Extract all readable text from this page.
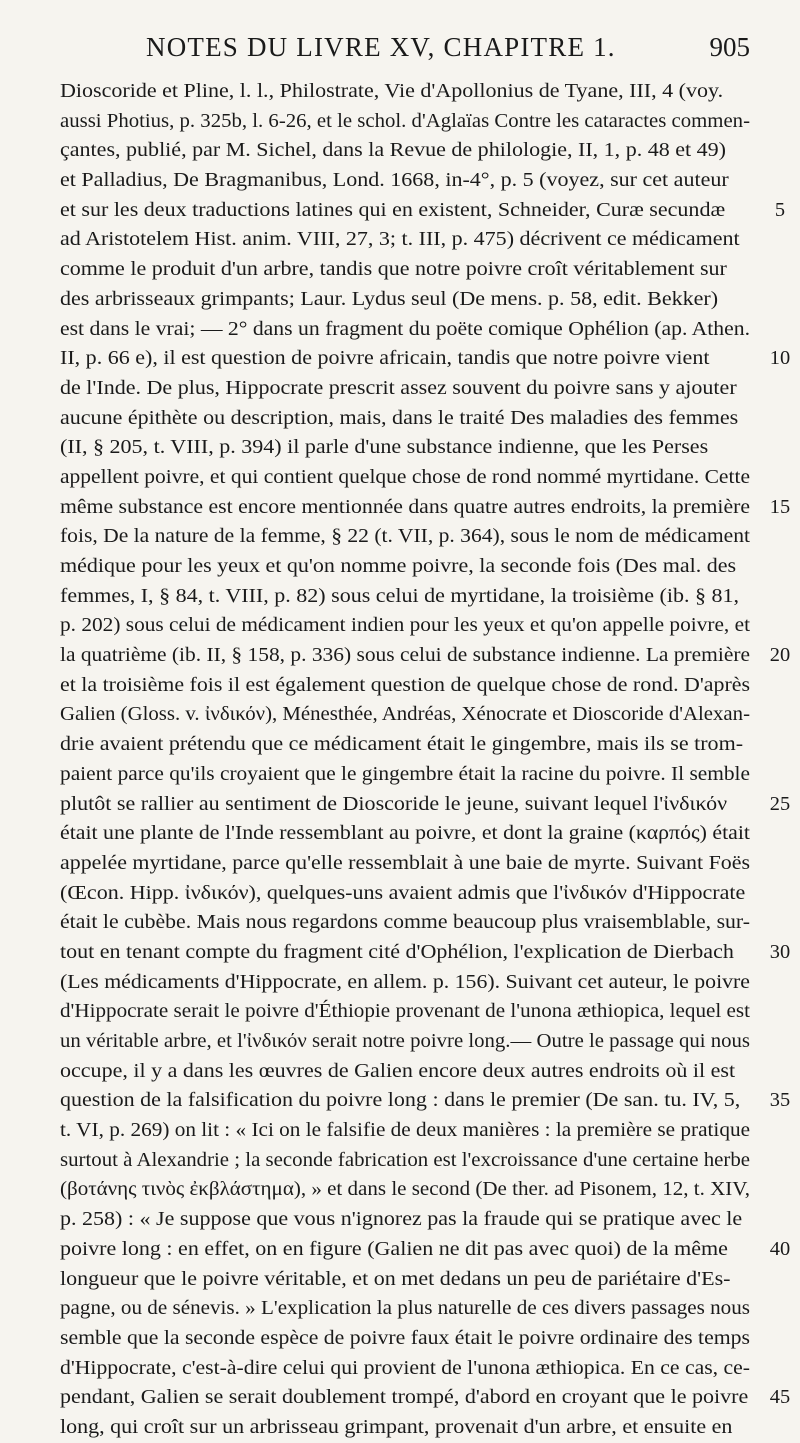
NOTES DU LIVRE XV, CHAPITRE 1.	905
Dioscoride et Pline, l. l., Philostrate, Vie d'Apollonius de Tyane, III, 4 (voy.
aussi Photius, p. 325b, l. 6-26, et le schol. d'Aglaïas Contre les cataractes commen-
çantes, publié, par M. Sichel, dans la Revue de philologie, II, 1, p. 48 et 49)
et Palladius, De Bragmanibus, Lond. 1668, in-4°, p. 5 (voyez, sur cet auteur
et sur les deux traductions latines qui en existent, Schneider, Curæ secundæ	5
ad Aristotelem Hist. anim. VIII, 27, 3; t. III, p. 475) décrivent ce médicament
comme le produit d'un arbre, tandis que notre poivre croît véritablement sur
des arbrisseaux grimpants; Laur. Lydus seul (De mens. p. 58, edit. Bekker)
est dans le vrai; — 2° dans un fragment du poëte comique Ophélion (ap. Athen.
II, p. 66 e), il est question de poivre africain, tandis que notre poivre vient	10
de l'Inde. De plus, Hippocrate prescrit assez souvent du poivre sans y ajouter
aucune épithète ou description, mais, dans le traité Des maladies des femmes
(II, § 205, t. VIII, p. 394) il parle d'une substance indienne, que les Perses
appellent poivre, et qui contient quelque chose de rond nommé myrtidane. Cette
même substance est encore mentionnée dans quatre autres endroits, la première 15
fois, De la nature de la femme, § 22 (t. VII, p. 364), sous le nom de médicament
médique pour les yeux et qu'on nomme poivre, la seconde fois (Des mal. des
femmes, I, § 84, t. VIII, p. 82) sous celui de myrtidane, la troisième (ib. § 81,
p. 202) sous celui de médicament indien pour les yeux et qu'on appelle poivre, et
la quatrième (ib. II, § 158, p. 336) sous celui de substance indienne. La première 20
et la troisième fois il est également question de quelque chose de rond. D'après
Galien (Gloss. v. ἰνδικόν), Ménesthée, Andréas, Xénocrate et Dioscoride d'Alexan-
drie avaient prétendu que ce médicament était le gingembre, mais ils se trom-
paient parce qu'ils croyaient que le gingembre était la racine du poivre. Il semble
plutôt se rallier au sentiment de Dioscoride le jeune, suivant lequel l'ἰνδικόν	25
était une plante de l'Inde ressemblant au poivre, et dont la graine (καρπός) était
appelée myrtidane, parce qu'elle ressemblait à une baie de myrte. Suivant Foës
(Œcon. Hipp. ἰνδικόν), quelques-uns avaient admis que l'ἰνδικόν d'Hippocrate
était le cubèbe. Mais nous regardons comme beaucoup plus vraisemblable, sur-
tout en tenant compte du fragment cité d'Ophélion, l'explication de Dierbach	30
(Les médicaments d'Hippocrate, en allem. p. 156). Suivant cet auteur, le poivre
d'Hippocrate serait le poivre d'Éthiopie provenant de l'unona æthiopica, lequel est
un véritable arbre, et l'ἰνδικόν serait notre poivre long.— Outre le passage qui nous
occupe, il y a dans les œuvres de Galien encore deux autres endroits où il est
question de la falsification du poivre long : dans le premier (De san. tu. IV, 5,	35
t. VI, p. 269) on lit : « Ici on le falsifie de deux manières : la première se pratique
surtout à Alexandrie ; la seconde fabrication est l'excroissance d'une certaine herbe
(βοτάνης τινὸς ἐκβλάστημα), » et dans le second (De ther. ad Pisonem, 12, t. XIV,
p. 258) : « Je suppose que vous n'ignorez pas la fraude qui se pratique avec le
poivre long : en effet, on en figure (Galien ne dit pas avec quoi) de la même	40
longueur que le poivre véritable, et on met dedans un peu de pariétaire d'Es-
pagne, ou de sénevis. » L'explication la plus naturelle de ces divers passages nous
semble que la seconde espèce de poivre faux était le poivre ordinaire des temps
d'Hippocrate, c'est-à-dire celui qui provient de l'unona æthiopica. En ce cas, ce-
pendant, Galien se serait doublement trompé, d'abord en croyant que le poivre	45
long, qui croît sur un arbrisseau grimpant, provenait d'un arbre, et ensuite en
